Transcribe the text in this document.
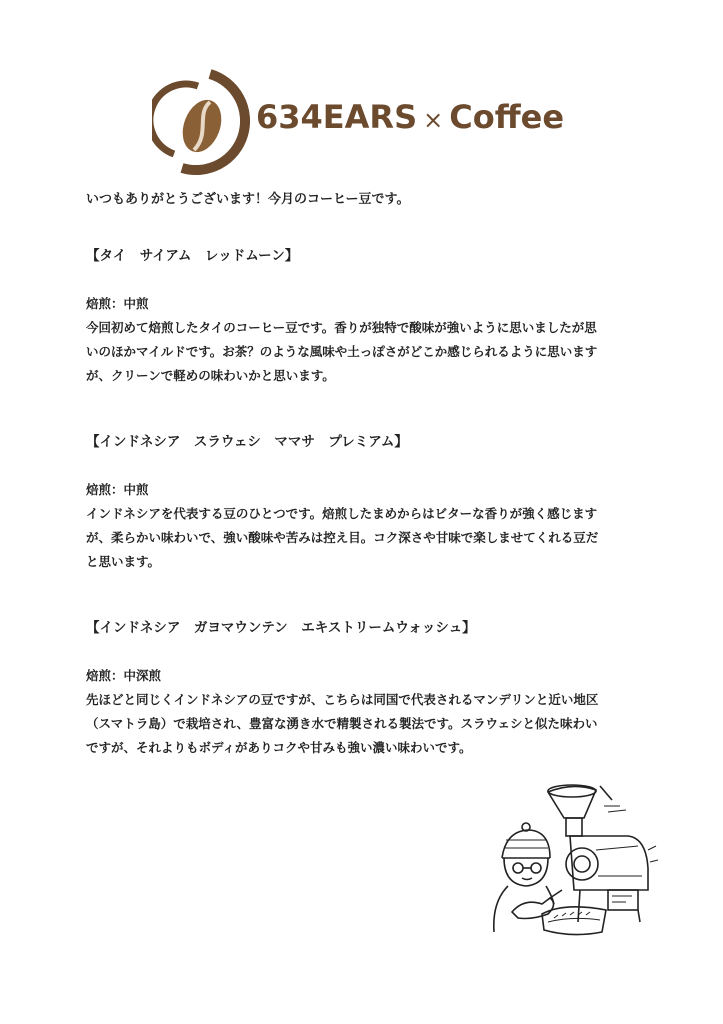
634EARS × Coffee

いつもありがとうございます！今月のコーヒー豆です。

【タイ　サイアム　レッドムーン】

焙煎：中煎

今回初めて焙煎したタイのコーヒー豆です。香りが独特で酸味が強いように思いましたが思

いのほかマイルドです。お茶？のような風味や土っぽさがどこか感じられるように思います

が、クリーンで軽めの味わいかと思います。

【インドネシア　スラウェシ　ママサ　プレミアム】

焙煎：中煎

インドネシアを代表する豆のひとつです。焙煎したまめからはビターな香りが強く感じます

が、柔らかい味わいで、強い酸味や苦みは控え目。コク深さや甘味で楽しませてくれる豆だ

と思います。

【インドネシア　ガヨマウンテン　エキストリームウォッシュ】

焙煎：中深煎

先ほどと同じくインドネシアの豆ですが、こちらは同国で代表されるマンデリンと近い地区

（スマトラ島）で栽培され、豊富な湧き水で精製される製法です。スラウェシと似た味わい

ですが、それよりもボディがありコクや甘みも強い濃い味わいです。
